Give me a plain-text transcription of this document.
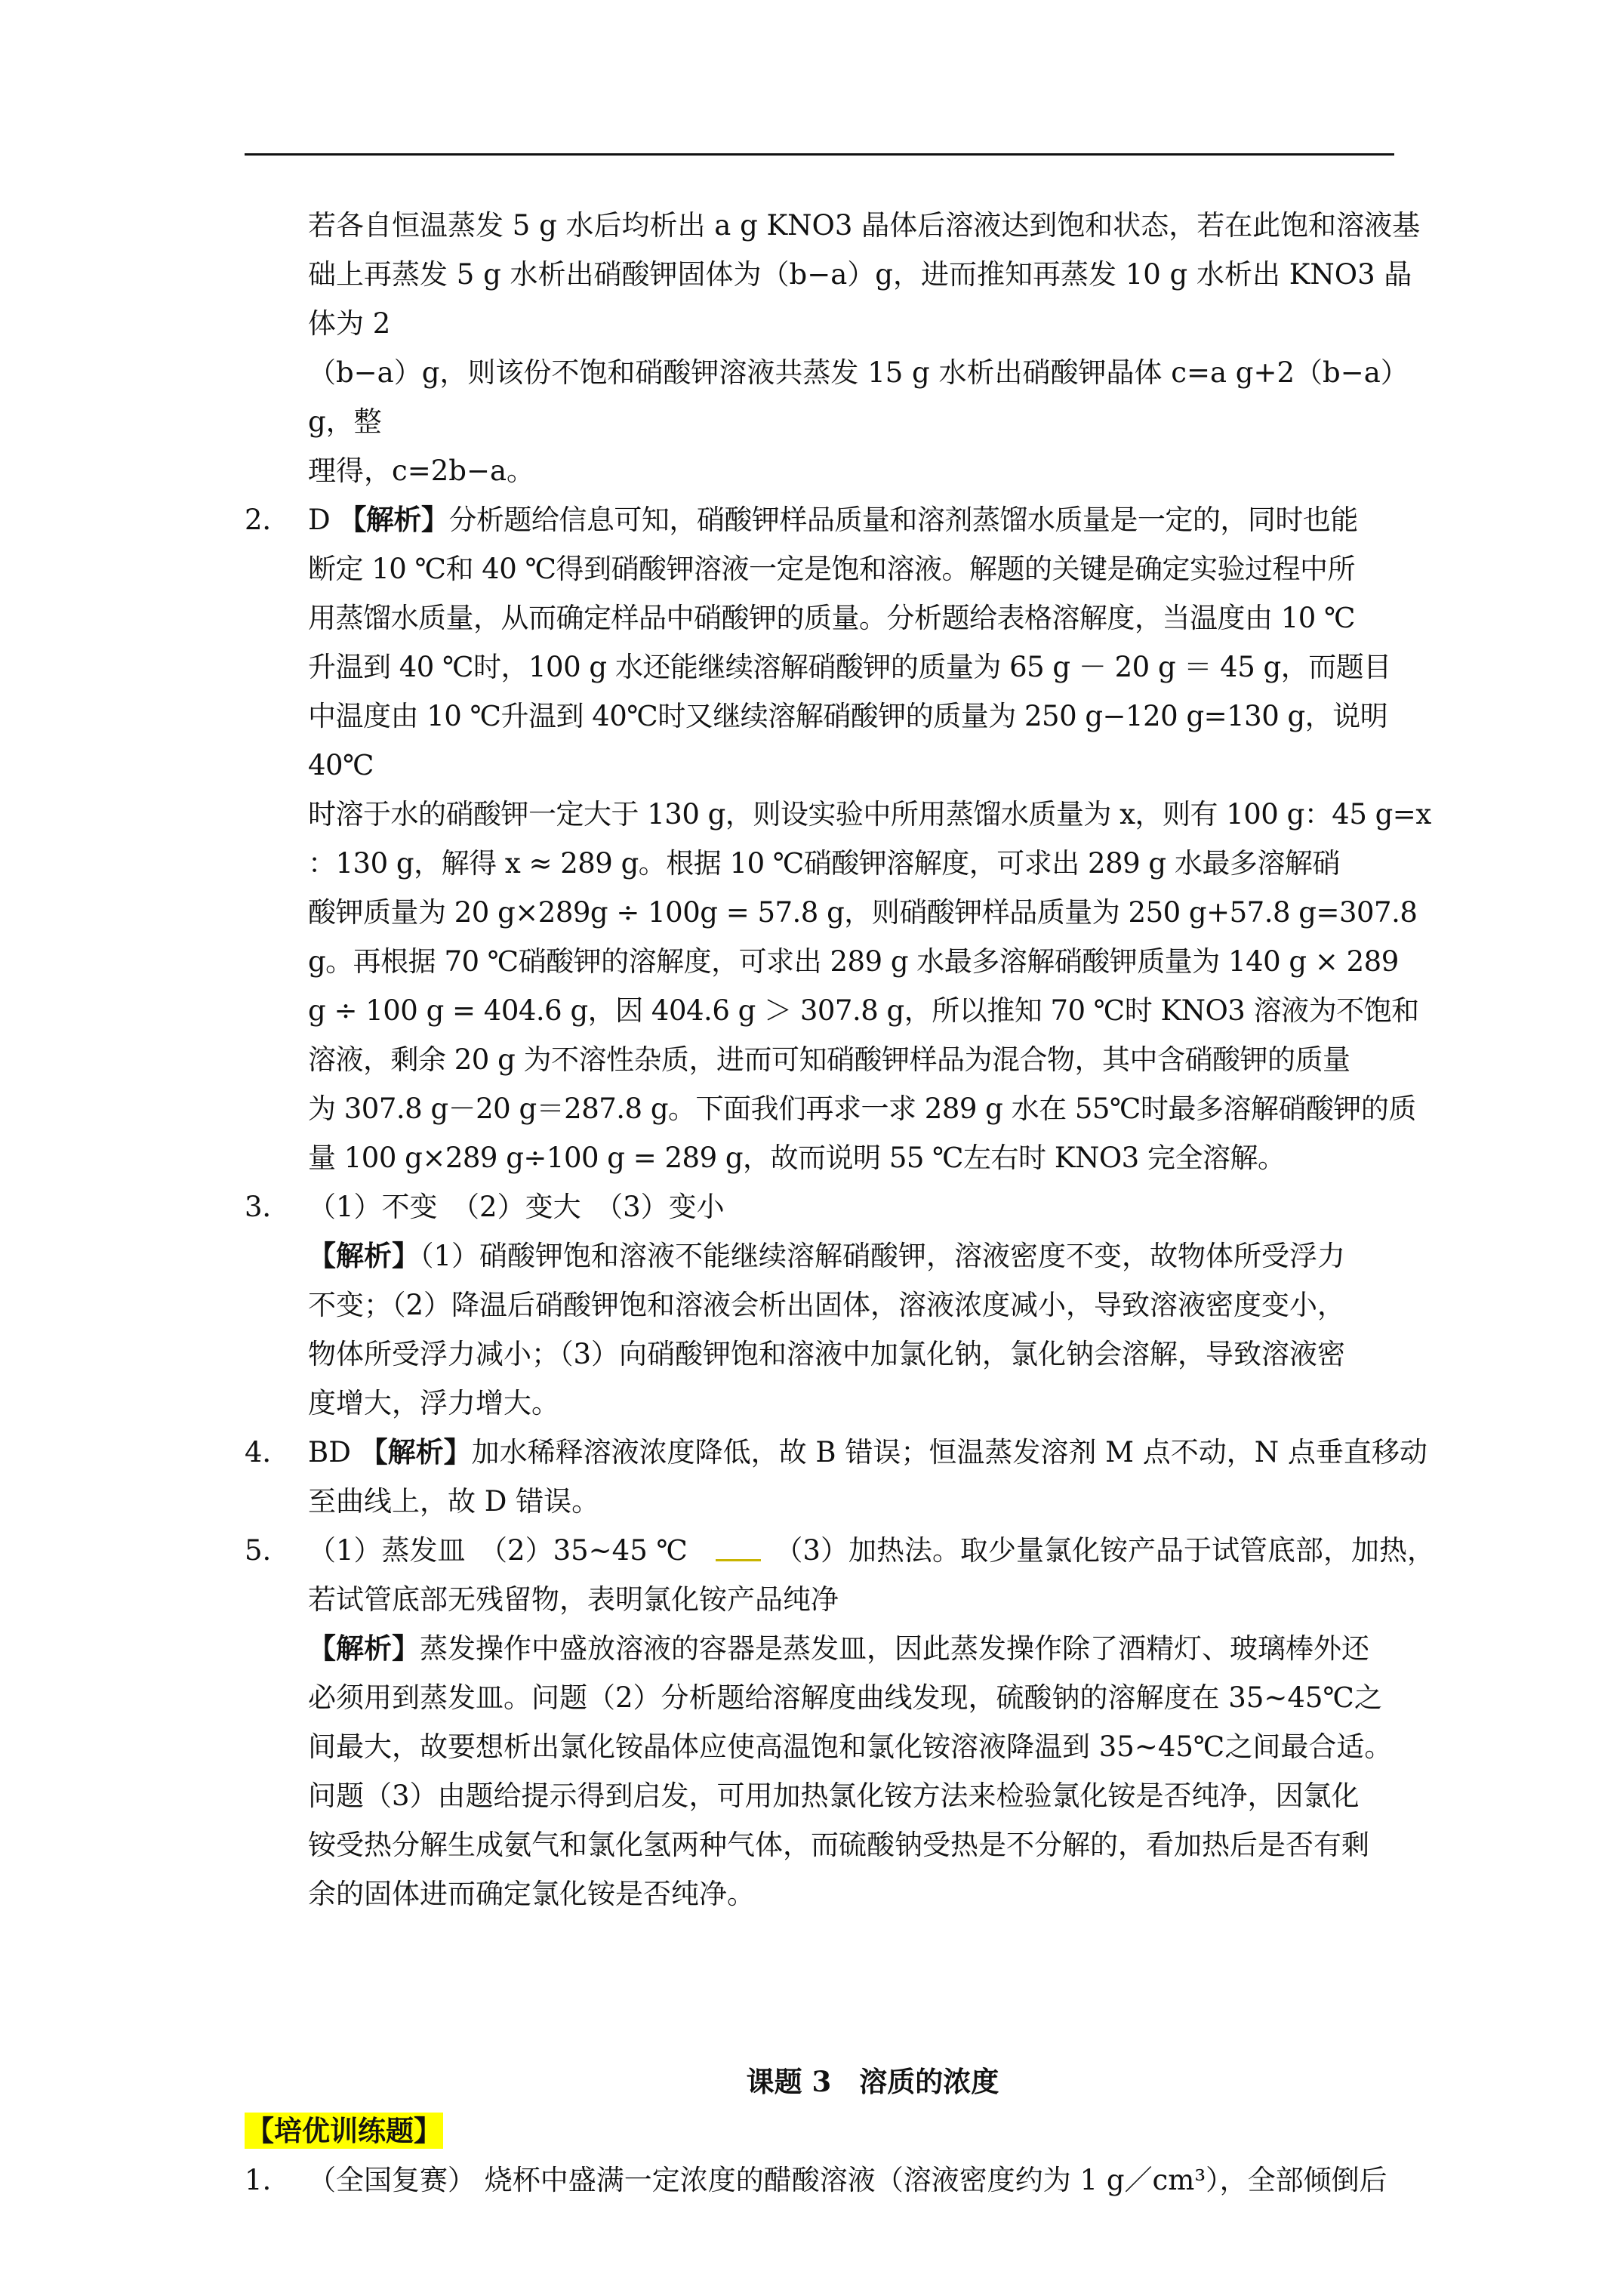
若各自恒温蒸发 5 g 水后均析出 a g KNO3 晶体后溶液达到饱和状态，若在此饱和溶液基

础上再蒸发 5 g 水析出硝酸钾固体为（b−a）g，进而推知再蒸发 10 g 水析出 KNO3 晶体为 2

（b−a）g，则该份不饱和硝酸钾溶液共蒸发 15 g 水析出硝酸钾晶体 c=a g+2（b−a）g，整

理得，c=2b−a。

2． D 【解析】分析题给信息可知，硝酸钾样品质量和溶剂蒸馏水质量是一定的，同时也能

断定 10 ℃和 40 ℃得到硝酸钾溶液一定是饱和溶液。解题的关键是确定实验过程中所

用蒸馏水质量，从而确定样品中硝酸钾的质量。分析题给表格溶解度，当温度由 10 ℃

升温到 40 ℃时，100 g 水还能继续溶解硝酸钾的质量为 65 g － 20 g ＝ 45 g，而题目

中温度由 10 ℃升温到 40℃时又继续溶解硝酸钾的质量为 250 g−120 g=130 g，说明 40℃

时溶于水的硝酸钾一定大于 130 g，则设实验中所用蒸馏水质量为 x，则有 100 g：45 g=x

：130 g，解得 x ≈ 289 g。根据 10 ℃硝酸钾溶解度，可求出 289 g 水最多溶解硝

酸钾质量为 20 g×289g ÷ 100g = 57.8 g，则硝酸钾样品质量为 250 g+57.8 g=307.8

g。再根据 70 ℃硝酸钾的溶解度，可求出 289 g 水最多溶解硝酸钾质量为 140 g × 289

g ÷ 100 g = 404.6 g，因 404.6 g ＞ 307.8 g，所以推知 70 ℃时 KNO3 溶液为不饱和

溶液，剩余 20 g 为不溶性杂质，进而可知硝酸钾样品为混合物，其中含硝酸钾的质量

为 307.8 g－20 g＝287.8 g。下面我们再求一求 289 g 水在 55℃时最多溶解硝酸钾的质

量 100 g×289 g÷100 g = 289 g，故而说明 55 ℃左右时 KNO3 完全溶解。

3． （1）不变　（2）变大　（3）变小

【解析】（1）硝酸钾饱和溶液不能继续溶解硝酸钾，溶液密度不变，故物体所受浮力

不变；（2）降温后硝酸钾饱和溶液会析出固体，溶液浓度减小，导致溶液密度变小，

物体所受浮力减小；（3）向硝酸钾饱和溶液中加氯化钠，氯化钠会溶解，导致溶液密

度增大，浮力增大。

4． BD 【解析】加水稀释溶液浓度降低，故 B 错误；恒温蒸发溶剂 M 点不动，N 点垂直移动

至曲线上，故 D 错误。

5. （1）蒸发皿　（2）35~45 ℃　　	（3）加热法。取少量氯化铵产品于试管底部，加热，

若试管底部无残留物，表明氯化铵产品纯净

【解析】蒸发操作中盛放溶液的容器是蒸发皿，因此蒸发操作除了酒精灯、玻璃棒外还

必须用到蒸发皿。问题（2）分析题给溶解度曲线发现，硫酸钠的溶解度在 35~45℃之

间最大，故要想析出氯化铵晶体应使高温饱和氯化铵溶液降温到 35~45℃之间最合适。

问题（3）由题给提示得到启发，可用加热氯化铵方法来检验氯化铵是否纯净，因氯化

铵受热分解生成氨气和氯化氢两种气体，而硫酸钠受热是不分解的，看加热后是否有剩

余的固体进而确定氯化铵是否纯净。

课题 3　溶质的浓度

【培优训练题】

1. （全国复赛） 烧杯中盛满一定浓度的醋酸溶液（溶液密度约为 1 g／cm³），全部倾倒后
